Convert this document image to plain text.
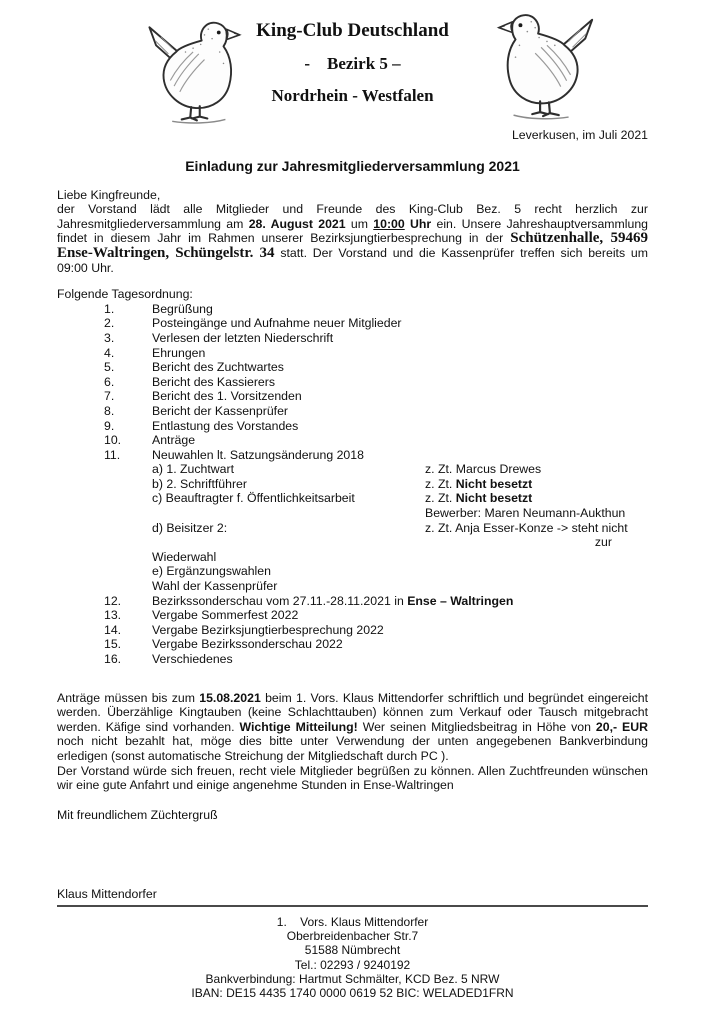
King-Club Deutschland
-    Bezirk 5 –
Nordrhein - Westfalen
Leverkusen, im Juli 2021
Einladung zur Jahresmitgliederversammlung 2021
Liebe Kingfreunde,

der Vorstand lädt alle Mitglieder und Freunde des King-Club Bez. 5 recht herzlich zur Jahresmitgliederversammlung am 28. August 2021 um 10:00 Uhr ein. Unsere Jahreshauptversammlung findet in diesem Jahr im Rahmen unserer Bezirksjungtierbesprechung in der Schützenhalle, 59469 Ense-Waltringen, Schüngelstr. 34 statt. Der Vorstand und die Kassenprüfer treffen sich bereits um 09:00 Uhr.

Folgende Tagesordnung:
1.	Begrüßung
2.	Posteingänge und Aufnahme neuer Mitglieder
3.	Verlesen der letzten Niederschrift
4.	Ehrungen
5.	Bericht des Zuchtwartes
6.	Bericht des Kassierers
7.	Bericht des 1. Vorsitzenden
8.	Bericht der Kassenprüfer
9.	Entlastung des Vorstandes
10.	Anträge
11.	Neuwahlen lt. Satzungsänderung 2018
a) 1. Zuchtwart	z. Zt. Marcus Drewes
b) 2. Schriftführer	z. Zt. Nicht besetzt
c) Beauftragter f. Öffentlichkeitsarbeit	z. Zt. Nicht besetzt
Bewerber: Maren Neumann-Aukthun
d) Beisitzer 2:	z. Zt. Anja Esser-Konze -> steht nicht
zur
Wiederwahl
e) Ergänzungswahlen
Wahl der Kassenprüfer
12.	Bezirkssonderschau vom 27.11.-28.11.2021 in Ense – Waltringen
13.	Vergabe Sommerfest 2022
14.	Vergabe Bezirksjungtierbesprechung 2022
15.	Vergabe Bezirkssonderschau 2022
16.	Verschiedenes

Anträge müssen bis zum 15.08.2021 beim 1. Vors. Klaus Mittendorfer schriftlich und begründet eingereicht werden. Überzählige Kingtauben (keine Schlachttauben) können zum Verkauf oder Tausch mitgebracht werden. Käfige sind vorhanden. Wichtige Mitteilung! Wer seinen Mitgliedsbeitrag in Höhe von 20,- EUR noch nicht bezahlt hat, möge dies bitte unter Verwendung der unten angegebenen Bankverbindung erledigen (sonst automatische Streichung der Mitgliedschaft durch PC ).

Der Vorstand würde sich freuen, recht viele Mitglieder begrüßen zu können. Allen Zuchtfreunden wünschen wir eine gute Anfahrt und einige angenehme Stunden in Ense-Waltringen

Mit freundlichem Züchtergruß
Klaus Mittendorfer
1.    Vors. Klaus Mittendorfer
Oberbreidenbacher Str.7
51588 Nümbrecht
Tel.: 02293 / 9240192
Bankverbindung: Hartmut Schmälter, KCD Bez. 5 NRW
IBAN: DE15 4435 1740 0000 0619 52 BIC: WELADED1FRN
